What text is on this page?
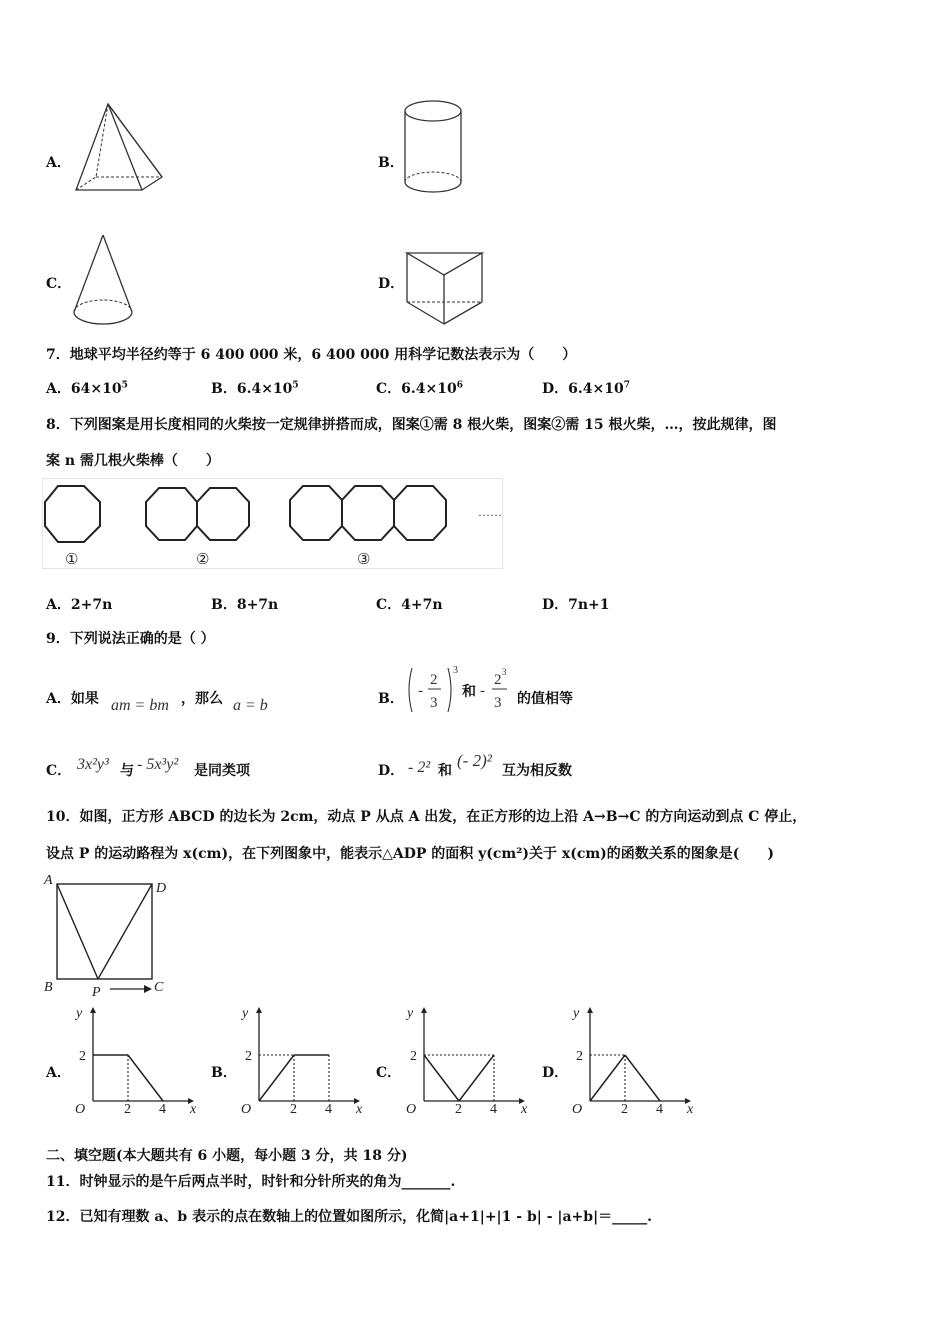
A．	B．
C．	D．
7．地球平均半径约等于 6 400 000 米，6 400 000 用科学记数法表示为（　　）
A．$64\times 10^5$	B．$6.4\times 10^5$	C．$6.4\times 10^6$	D．$6.4\times 10^7$
8．下列图案是用长度相同的火柴按一定规律拼搭而成，图案①需 8 根火柴，图案②需 15 根火柴，…，按此规律，图
案 n 需几根火柴棒（　　）
……
①	②	③
A．2+7n	B．8+7n	C．4+7n	D．7n+1
9．下列说法正确的是（ ）
A．如果 am = bm ，那么 a = b	B． -
2
3
3
和 -
2 3
3 的值相等
C． 3x²y³ 与 - 5x³y² 是同类项	D． - 2² 和
(- 2)²
互为相反数
10．如图，正方形 ABCD 的边长为 2cm，动点 P 从点 A 出发，在正方形的边上沿 A→B→C 的方向运动到点 C 停止，
设点 P 的运动路程为 x(cm)，在下列图象中，能表示△ADP 的面积 y(cm²)关于 x(cm)的函数关系的图象是(　　)
A
D
B	P	C
A．	B．	C．	D．
y
x
O
2
2 4
y
x
O
2
2 4
y
x
O
2
2 4
y
x
O
2
2 4
二、填空题(本大题共有 6 小题，每小题 3 分，共 18 分)
11．时钟显示的是午后两点半时，时针和分针所夹的角为_______.
12．已知有理数 a、b 表示的点在数轴上的位置如图所示，化简|a+1|+|1 - b| - |a+b|＝_____.
